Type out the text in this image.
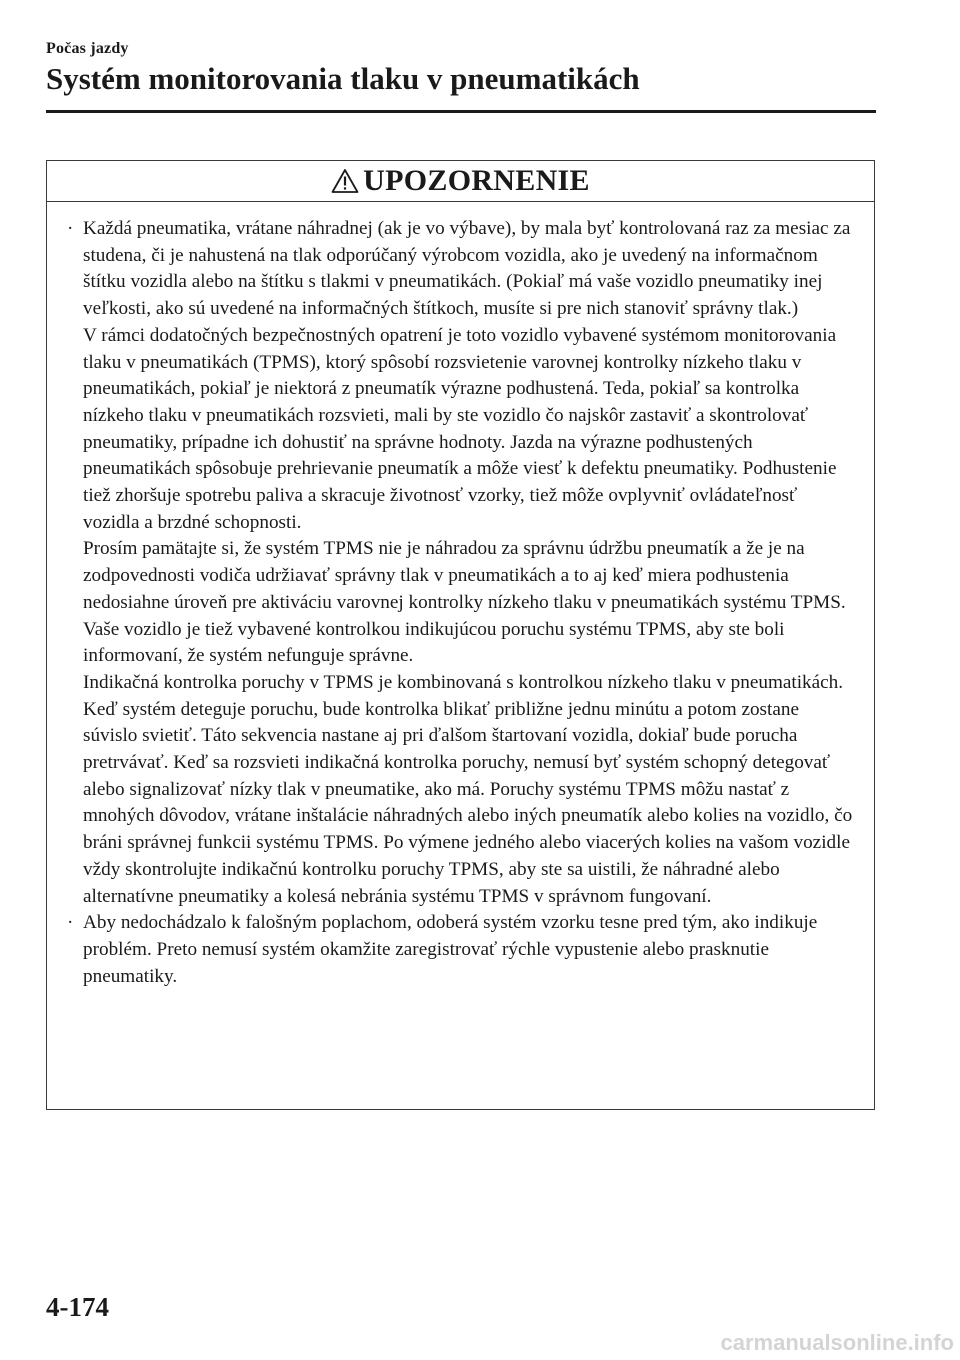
Počas jazdy
Systém monitorovania tlaku v pneumatikách
UPOZORNENIE
· Každá pneumatika, vrátane náhradnej (ak je vo výbave), by mala byť kontrolovaná raz za mesiac za studena, či je nahustená na tlak odporúčaný výrobcom vozidla, ako je uvedený na informačnom štítku vozidla alebo na štítku s tlakmi v pneumatikách. (Pokiaľ má vaše vozidlo pneumatiky inej veľkosti, ako sú uvedené na informačných štítkoch, musíte si pre nich stanoviť správny tlak.)

V rámci dodatočných bezpečnostných opatrení je toto vozidlo vybavené systémom monitorovania tlaku v pneumatikách (TPMS), ktorý spôsobí rozsvietenie varovnej kontrolky nízkeho tlaku v pneumatikách, pokiaľ je niektorá z pneumatík výrazne podhustená. Teda, pokiaľ sa kontrolka nízkeho tlaku v pneumatikách rozsvieti, mali by ste vozidlo čo najskôr zastaviť a skontrolovať pneumatiky, prípadne ich dohustiť na správne hodnoty. Jazda na výrazne podhustených pneumatikách spôsobuje prehrievanie pneumatík a môže viesť k defektu pneumatiky. Podhustenie tiež zhoršuje spotrebu paliva a skracuje životnosť vzorky, tiež môže ovplyvniť ovládateľnosť vozidla a brzdné schopnosti.

Prosím pamätajte si, že systém TPMS nie je náhradou za správnu údržbu pneumatík a že je na zodpovednosti vodiča udržiavať správny tlak v pneumatikách a to aj keď miera podhustenia nedosiahne úroveň pre aktiváciu varovnej kontrolky nízkeho tlaku v pneumatikách systému TPMS.

Vaše vozidlo je tiež vybavené kontrolkou indikujúcou poruchu systému TPMS, aby ste boli informovaní, že systém nefunguje správne.

Indikačná kontrolka poruchy v TPMS je kombinovaná s kontrolkou nízkeho tlaku v pneumatikách. Keď systém deteguje poruchu, bude kontrolka blikať približne jednu minútu a potom zostane súvislo svietiť. Táto sekvencia nastane aj pri ďalšom štartovaní vozidla, dokiaľ bude porucha pretrvávať. Keď sa rozsvieti indikačná kontrolka poruchy, nemusí byť systém schopný detegovať alebo signalizovať nízky tlak v pneumatike, ako má. Poruchy systému TPMS môžu nastať z mnohých dôvodov, vrátane inštalácie náhradných alebo iných pneumatík alebo kolies na vozidlo, čo bráni správnej funkcii systému TPMS. Po výmene jedného alebo viacerých kolies na vašom vozidle vždy skontrolujte indikačnú kontrolku poruchy TPMS, aby ste sa uistili, že náhradné alebo alternatívne pneumatiky a kolesá nebránia systému TPMS v správnom fungovaní.

· Aby nedochádzalo k falošným poplachom, odoberá systém vzorku tesne pred tým, ako indikuje problém. Preto nemusí systém okamžite zaregistrovať rýchle vypustenie alebo prasknutie pneumatiky.

4-174
carmanualsonline.info
